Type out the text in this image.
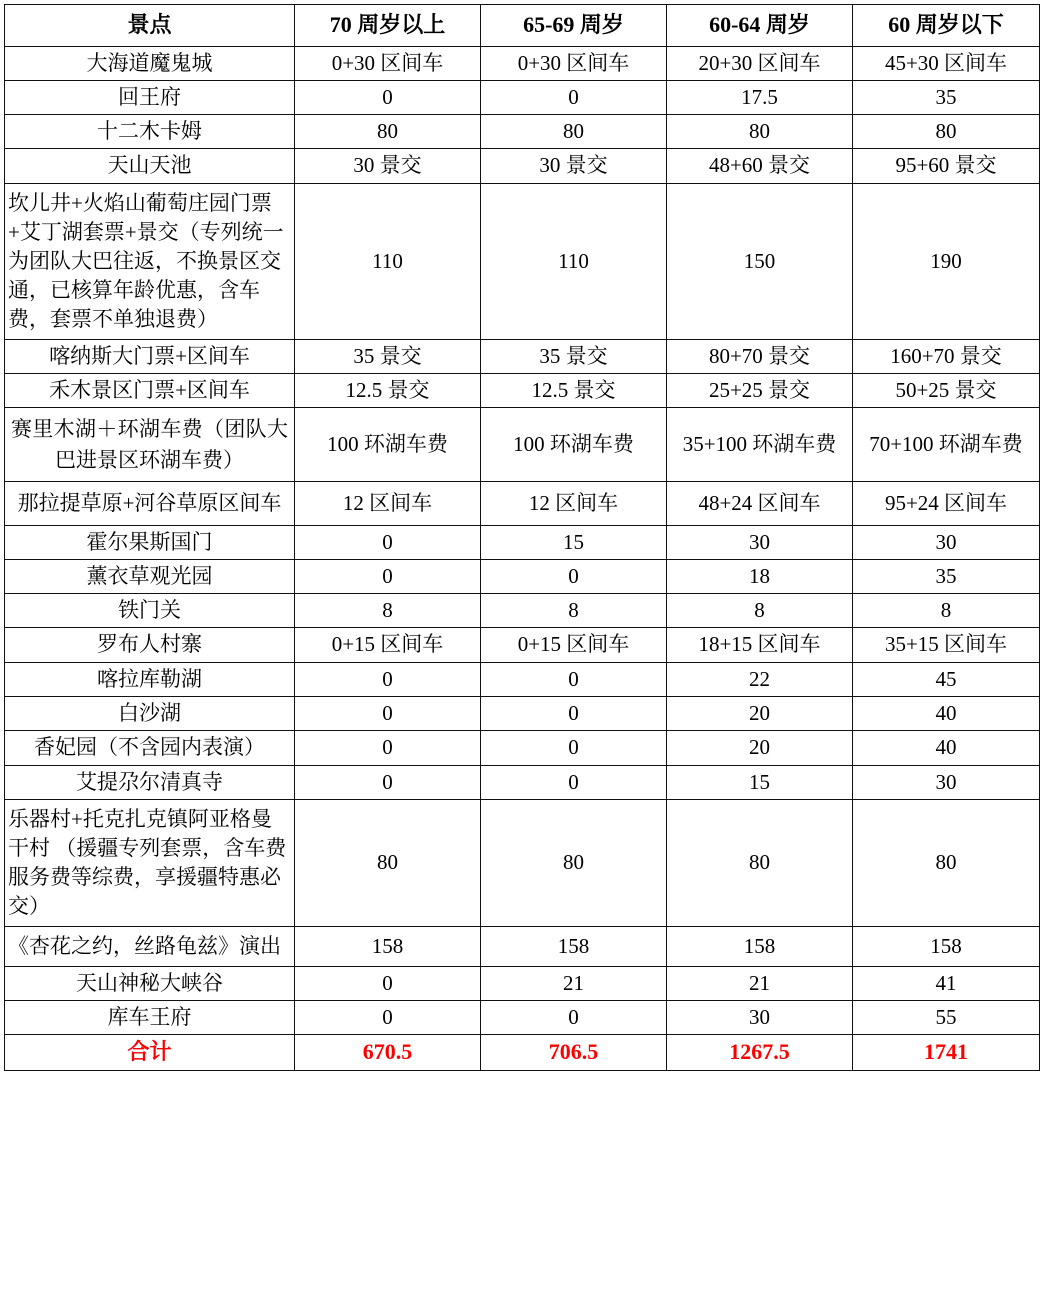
景点	70 周岁以上	65-69 周岁	60-64 周岁	60 周岁以下
大海道魔鬼城	0+30 区间车	0+30 区间车	20+30 区间车	45+30 区间车
回王府	0	0	17.5	35
十二木卡姆	80	80	80	80
天山天池	30 景交	30 景交	48+60 景交	95+60 景交
坎儿井+火焰山葡萄庄园门票+艾丁湖套票+景交（专列统一为团队大巴往返，不换景区交通，已核算年龄优惠，含车费，套票不单独退费）	110	110	150	190
喀纳斯大门票+区间车	35 景交	35 景交	80+70 景交	160+70 景交
禾木景区门票+区间车	12.5 景交	12.5 景交	25+25 景交	50+25 景交
赛里木湖＋环湖车费（团队大巴进景区环湖车费）	100 环湖车费	100 环湖车费	35+100 环湖车费	70+100 环湖车费
那拉提草原+河谷草原区间车	12 区间车	12 区间车	48+24 区间车	95+24 区间车
霍尔果斯国门	0	15	30	30
薰衣草观光园	0	0	18	35
铁门关	8	8	8	8
罗布人村寨	0+15 区间车	0+15 区间车	18+15 区间车	35+15 区间车
喀拉库勒湖	0	0	22	45
白沙湖	0	0	20	40
香妃园（不含园内表演）	0	0	20	40
艾提尕尔清真寺	0	0	15	30
乐器村+托克扎克镇阿亚格曼干村 （援疆专列套票，含车费服务费等综费，享援疆特惠必交）	80	80	80	80
《杏花之约，丝路龟兹》演出	158	158	158	158
天山神秘大峡谷	0	21	21	41
库车王府	0	0	30	55
合计	670.5	706.5	1267.5	1741
